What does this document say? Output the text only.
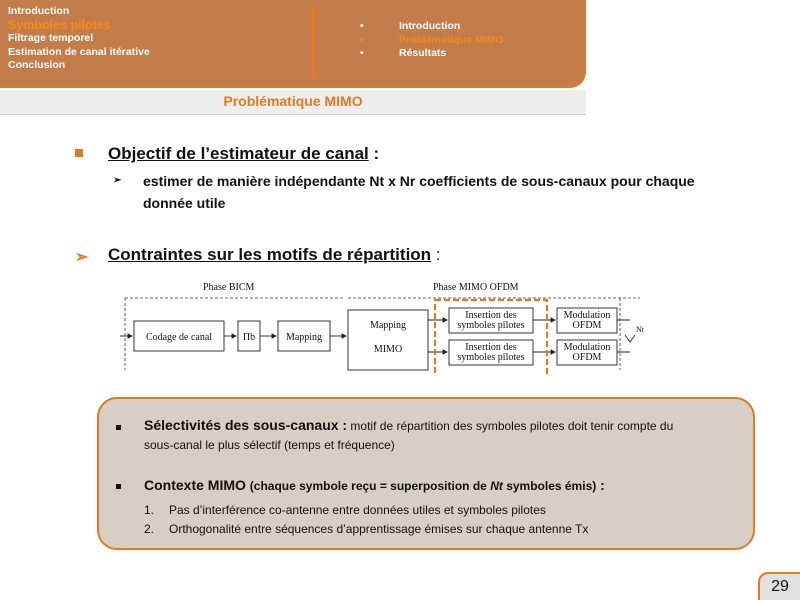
Introduction
Symboles pilotes
Filtrage temporel
Estimation de canal itérative
Conclusion
•	Introduction
•	Problématique MIMO
•	Résultats
Problématique MIMO
Objectif de l’estimateur de canal :
➢ estimer de manière indépendante Nt x Nr coefficients de sous-canaux pour chaque donnée utile
➢ Contraintes sur les motifs de répartition :
Phase BICM	Phase MIMO OFDM
Codage de canal	Πb	Mapping
Mapping
MIMO
Insertion des
symboles pilotes
Insertion des
symboles pilotes
Modulation
OFDM
Modulation
OFDM
Nt
Sélectivités des sous-canaux : motif de répartition des symboles pilotes doit tenir compte du
sous-canal le plus sélectif (temps et fréquence)
Contexte MIMO (chaque symbole reçu = superposition de Nt symboles émis) :
1. Pas d’interférence co-antenne entre données utiles et symboles pilotes
2. Orthogonalité entre séquences d’apprentissage émises sur chaque antenne Tx
29
